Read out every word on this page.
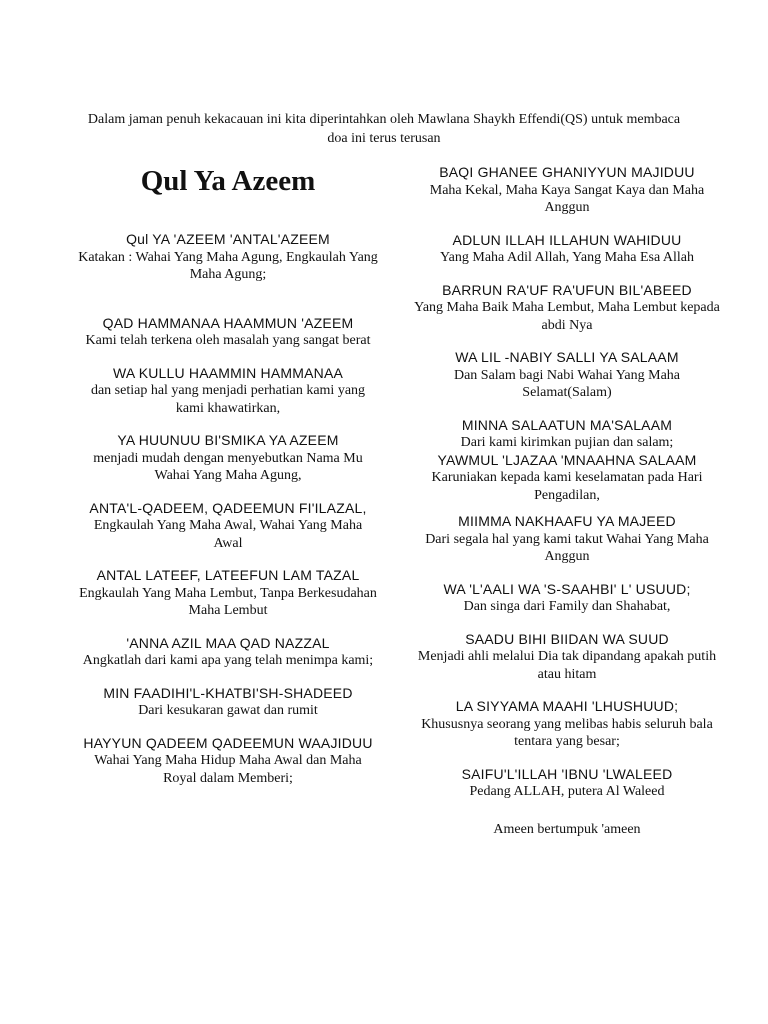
Dalam jaman penuh kekacauan ini kita diperintahkan oleh Mawlana Shaykh Effendi(QS) untuk membaca doa ini terus terusan
Qul Ya Azeem
Qul YA 'AZEEM 'ANTAL'AZEEM
Katakan : Wahai Yang Maha Agung, Engkaulah Yang Maha Agung;
QAD HAMMANAA HAAMMUN 'AZEEM
Kami telah terkena oleh masalah yang sangat berat
WA KULLU HAAMMIN HAMMANAA
dan setiap hal yang menjadi perhatian kami yang kami khawatirkan,
YA HUUNUU BI'SMIKA YA AZEEM
menjadi mudah dengan menyebutkan Nama Mu Wahai Yang Maha Agung,
ANTA'L-QADEEM, QADEEMUN FI'ILAZAL,
Engkaulah Yang Maha Awal, Wahai Yang Maha Awal
ANTAL LATEEF, LATEEFUN LAM TAZAL
Engkaulah Yang Maha Lembut, Tanpa Berkesudahan Maha Lembut
'ANNA AZIL MAA QAD NAZZAL
Angkatlah dari kami apa yang telah menimpa kami;
MIN FAADIHI'L-KHATBI'SH-SHADEED
Dari kesukaran gawat dan rumit
HAYYUN QADEEM QADEEMUN WAAJIDUU
Wahai Yang Maha Hidup Maha Awal dan Maha Royal dalam Memberi;
BAQI GHANEE GHANIYYUN MAJIDUU
Maha Kekal, Maha Kaya Sangat Kaya dan Maha Anggun
ADLUN ILLAH ILLAHUN WAHIDUU
Yang Maha Adil Allah, Yang Maha Esa Allah
BARRUN RA'UF RA'UFUN BIL'ABEED
Yang Maha Baik Maha Lembut, Maha Lembut kepada abdi Nya
WA LIL -NABIY SALLI YA SALAAM
Dan Salam bagi Nabi Wahai Yang Maha Selamat(Salam)
MINNA SALAATUN MA'SALAAM
Dari kami kirimkan pujian dan salam;
YAWMUL 'LJAZAA 'MNAAHNA SALAAM
Karuniakan kepada kami keselamatan pada Hari Pengadilan,
MIIMMA NAKHAAFU YA MAJEED
Dari segala hal yang kami takut Wahai Yang Maha Anggun
WA 'L'AALI WA 'S-SAAHBI' L' USUUD;
Dan singa dari Family dan Shahabat,
SAADU BIHI BIIDAN WA SUUD
Menjadi ahli melalui Dia tak dipandang apakah putih atau hitam
LA SIYYAMA MAAHI 'LHUSHUUD;
Khususnya seorang yang melibas habis seluruh bala tentara yang besar;
SAIFU'L'ILLAH 'IBNU 'LWALEED
Pedang ALLAH, putera Al Waleed
Ameen bertumpuk 'ameen
